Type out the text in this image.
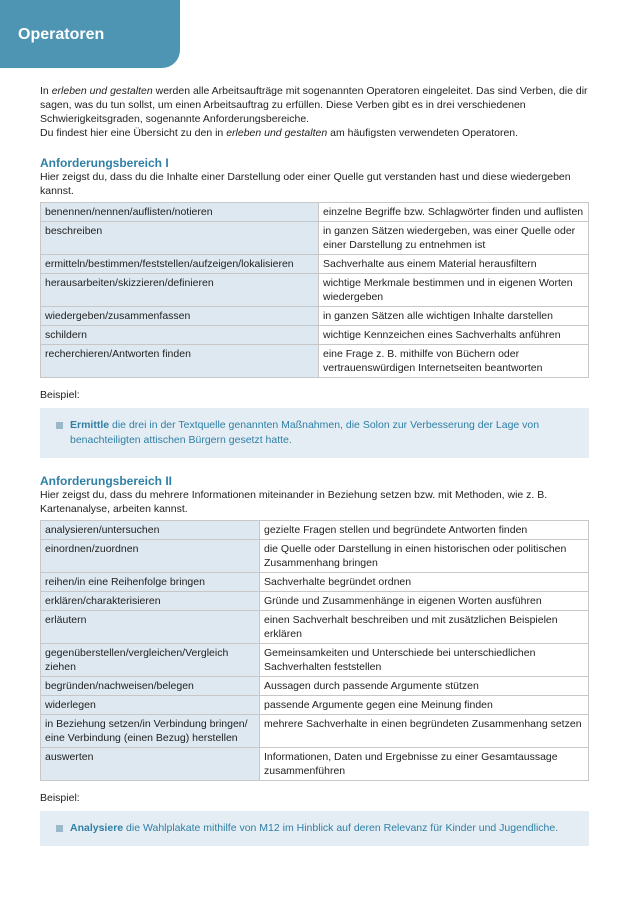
Operatoren

In erleben und gestalten werden alle Arbeitsaufträge mit sogenannten Operatoren eingeleitet. Das sind Verben, die dir sagen, was du tun sollst, um einen Arbeitsauftrag zu erfüllen. Diese Verben gibt es in drei verschiedenen Schwierigkeitsgraden, sogenannte Anforderungsbereiche.

Du findest hier eine Übersicht zu den in erleben und gestalten am häufigsten verwendeten Operatoren.

Anforderungsbereich I

Hier zeigst du, dass du die Inhalte einer Darstellung oder einer Quelle gut verstanden hast und diese wiedergeben kannst.

benennen/nennen/auflisten/notieren	einzelne Begriffe bzw. Schlagwörter finden und auflisten
beschreiben	in ganzen Sätzen wiedergeben, was einer Quelle oder einer Darstellung zu entnehmen ist
ermitteln/bestimmen/feststellen/aufzeigen/lokalisieren	Sachverhalte aus einem Material herausfiltern
herausarbeiten/skizzieren/definieren	wichtige Merkmale bestimmen und in eigenen Worten wiedergeben
wiedergeben/zusammenfassen	in ganzen Sätzen alle wichtigen Inhalte darstellen
schildern	wichtige Kennzeichen eines Sachverhalts anführen
recherchieren/Antworten finden	eine Frage z. B. mithilfe von Büchern oder vertrauenswürdigen Internetseiten beantworten

Beispiel:

Ermittle die drei in der Textquelle genannten Maßnahmen, die Solon zur Verbesserung der Lage von benachteiligten attischen Bürgern gesetzt hatte.
Anforderungsbereich II

Hier zeigst du, dass du mehrere Informationen miteinander in Beziehung setzen bzw. mit Methoden, wie z. B. Kartenanalyse, arbeiten kannst.

analysieren/untersuchen	gezielte Fragen stellen und begründete Antworten finden
einordnen/zuordnen	die Quelle oder Darstellung in einen historischen oder politischen Zusammenhang bringen
reihen/in eine Reihenfolge bringen	Sachverhalte begründet ordnen
erklären/charakterisieren	Gründe und Zusammenhänge in eigenen Worten ausführen
erläutern	einen Sachverhalt beschreiben und mit zusätzlichen Beispielen erklären
gegenüberstellen/vergleichen/Vergleich ziehen	Gemeinsamkeiten und Unterschiede bei unterschiedlichen Sachverhalten feststellen
begründen/nachweisen/belegen	Aussagen durch passende Argumente stützen
widerlegen	passende Argumente gegen eine Meinung finden
in Beziehung setzen/in Verbindung bringen/ eine Verbindung (einen Bezug) herstellen	mehrere Sachverhalte in einen begründeten Zusammenhang setzen
auswerten	Informationen, Daten und Ergebnisse zu einer Gesamtaussage zusammenführen

Beispiel:

Analysiere die Wahlplakate mithilfe von M12 im Hinblick auf deren Relevanz für Kinder und Jugendliche.
